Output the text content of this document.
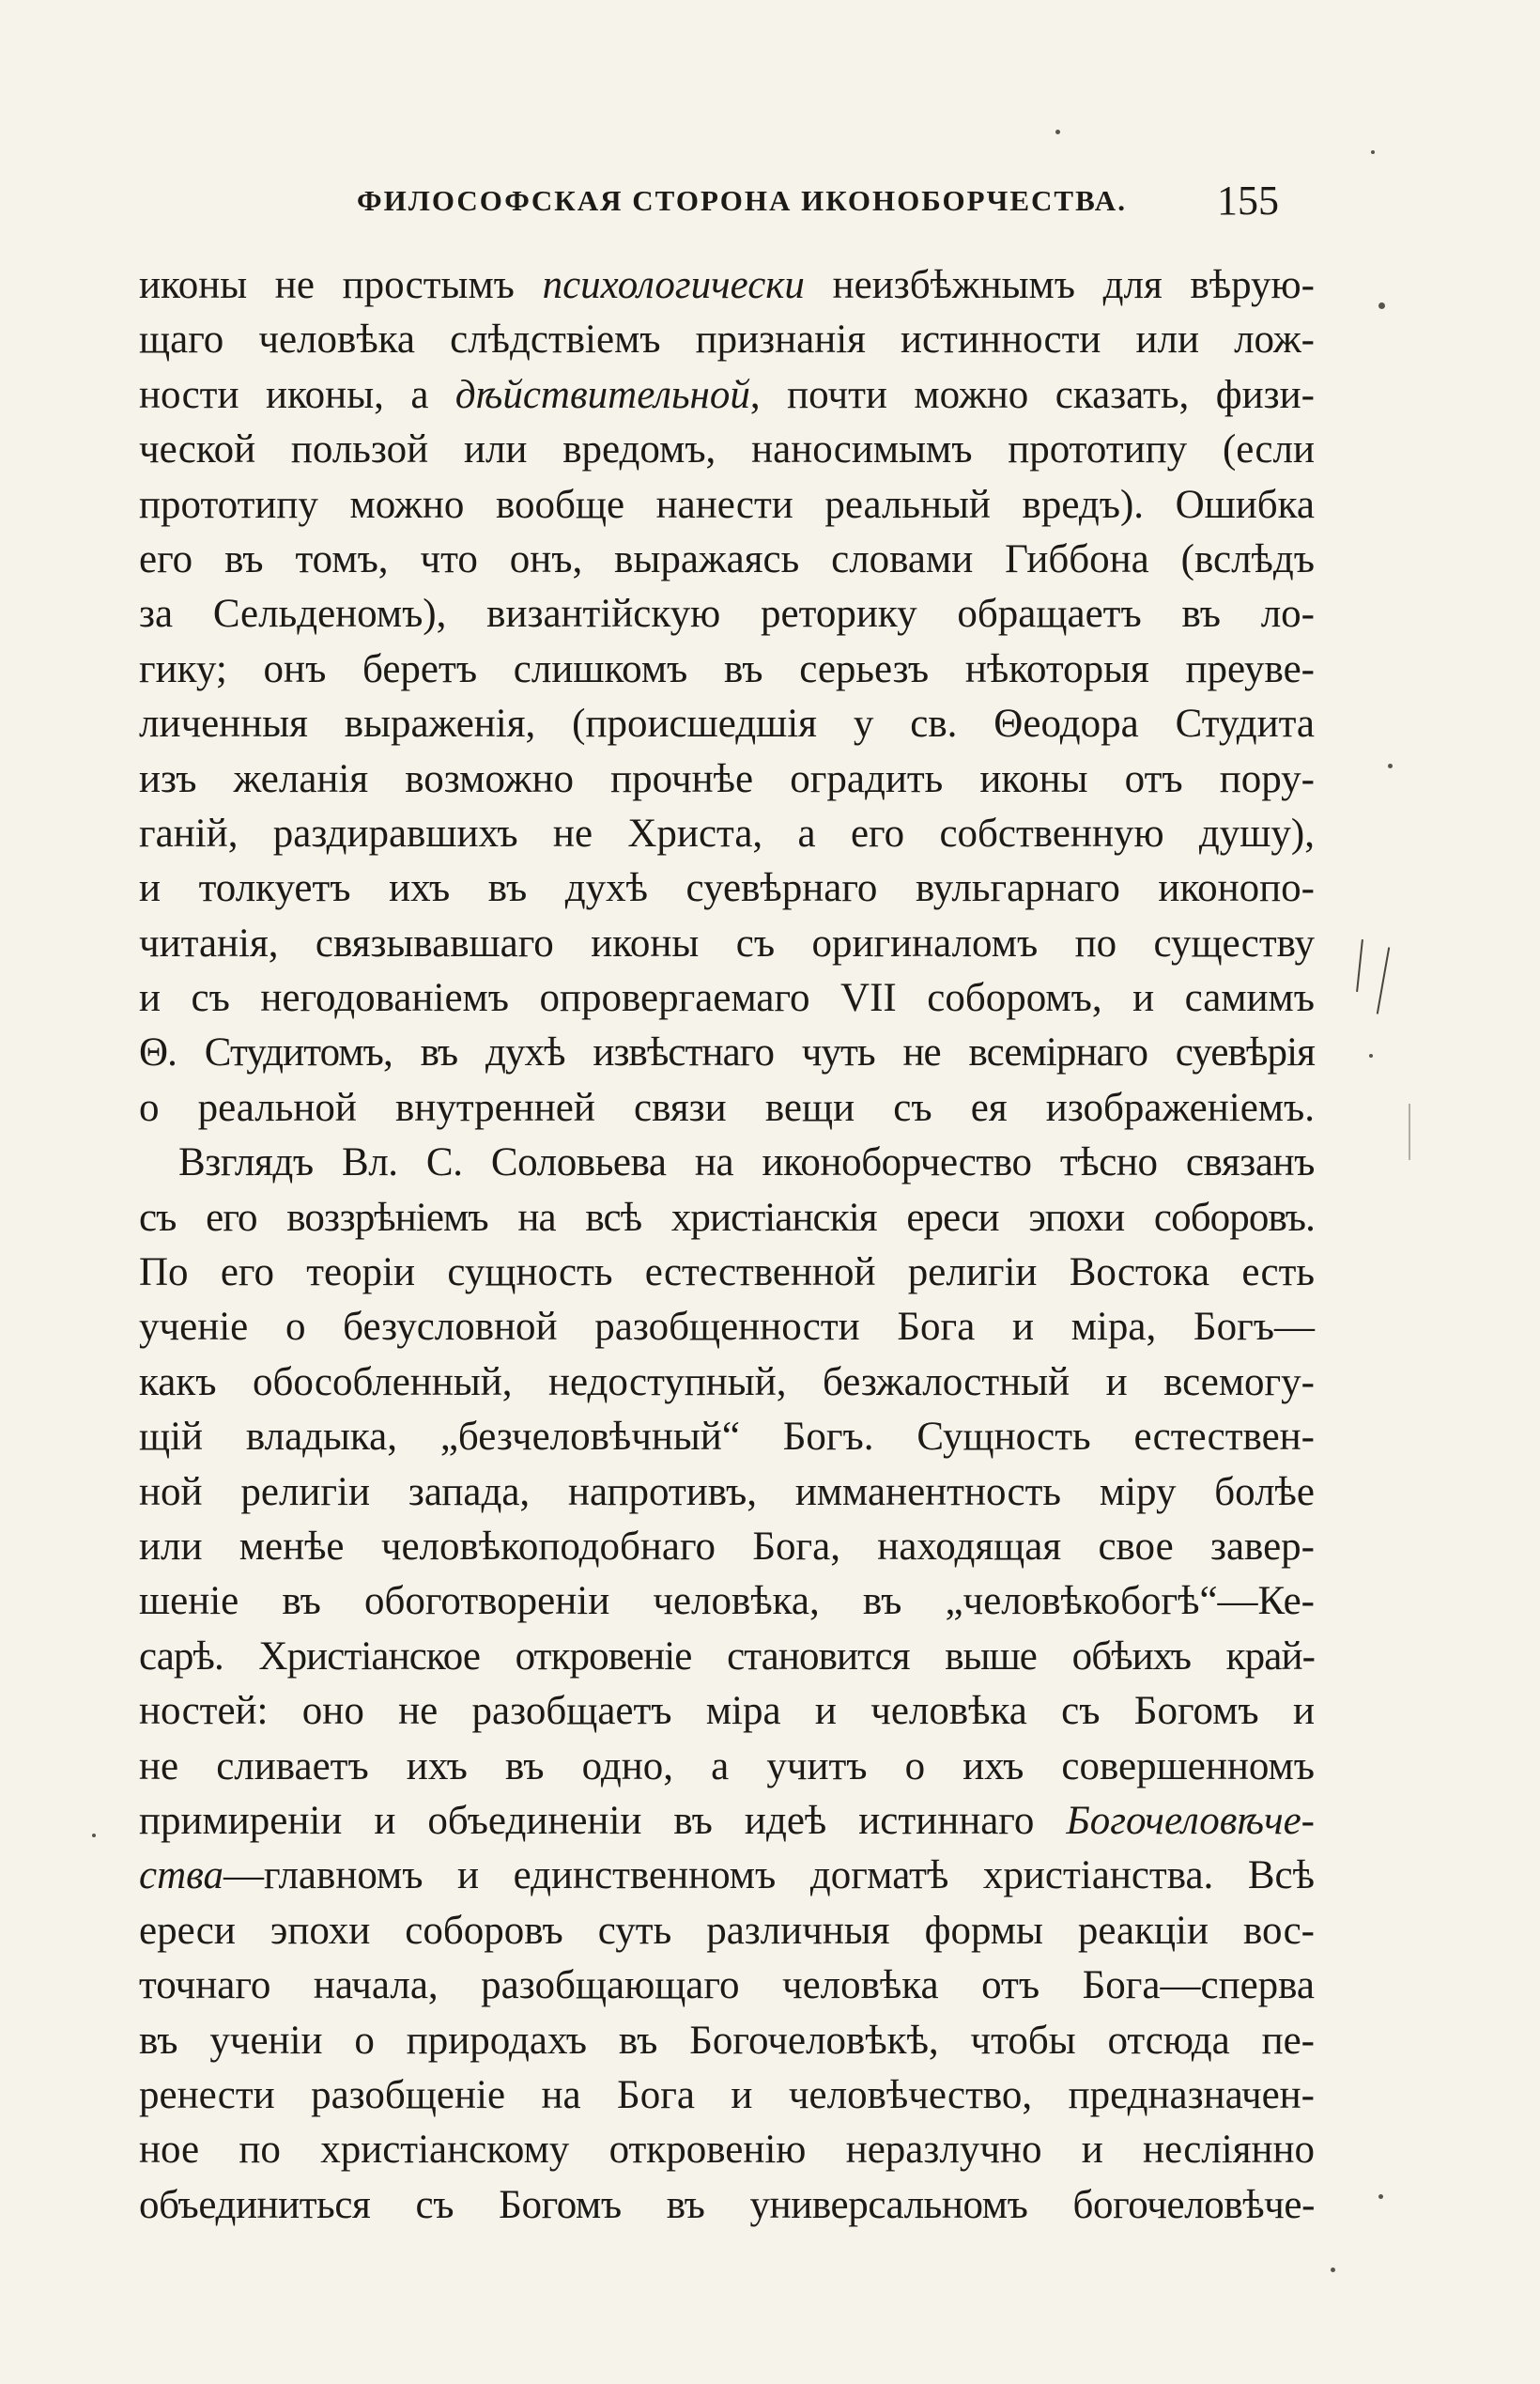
ФИЛОСОФСКАЯ СТОРОНА ИКОНОБОРЧЕСТВА. 155
иконы не простымъ психологически неизбѣжнымъ для вѣрую-
щаго человѣка слѣдствіемъ признанія истинности или лож-
ности иконы, а дѣйствительной, почти можно сказать, физи-
ческой пользой или вредомъ, наносимымъ прототипу (если
прототипу можно вообще нанести реальный вредъ). Ошибка
его въ томъ, что онъ, выражаясь словами Гиббона (вслѣдъ
за Сельденомъ), византійскую реторику обращаетъ въ ло-
гику; онъ беретъ слишкомъ въ серьезъ нѣкоторыя преуве-
личенныя выраженія, (происшедшія у св. Θеодора Студита
изъ желанія возможно прочнѣе оградить иконы отъ пору-
ганій, раздиравшихъ не Христа, а его собственную душу),
и толкуетъ ихъ въ духѣ суевѣрнаго вульгарнаго иконопо-
читанія, связывавшаго иконы съ оригиналомъ по существу
и съ негодованіемъ опровергаемаго VII соборомъ, и самимъ
Θ. Студитомъ, въ духѣ извѣстнаго чуть не всемірнаго суевѣрія
о реальной внутренней связи вещи съ ея изображеніемъ.
Взглядъ Вл. С. Соловьева на иконоборчество тѣсно связанъ
съ его воззрѣніемъ на всѣ христіанскія ереси эпохи соборовъ.
По его теоріи сущность естественной религіи Востока есть
ученіе о безусловной разобщенности Бога и міра, Богъ—
какъ обособленный, недоступный, безжалостный и всемогу-
щій владыка, „безчеловѣчный“ Богъ. Сущность естествен-
ной религіи запада, напротивъ, имманентность міру болѣе
или менѣе человѣкоподобнаго Бога, находящая свое завер-
шеніе въ обоготвореніи человѣка, въ „человѣкобогѣ“—Ке-
сарѣ. Христіанское откровеніе становится выше обѣихъ край-
ностей: оно не разобщаетъ міра и человѣка съ Богомъ и
не сливаетъ ихъ въ одно, а учитъ о ихъ совершенномъ
примиреніи и объединеніи въ идеѣ истиннаго Богочеловѣче-
ства—главномъ и единственномъ догматѣ христіанства. Всѣ
ереси эпохи соборовъ суть различныя формы реакціи вос-
точнаго начала, разобщающаго человѣка отъ Бога—сперва
въ ученіи о природахъ въ Богочеловѣкѣ, чтобы отсюда пе-
ренести разобщеніе на Бога и человѣчество, предназначен-
ное по христіанскому откровенію неразлучно и несліянно
объединиться съ Богомъ въ универсальномъ богочеловѣче-
